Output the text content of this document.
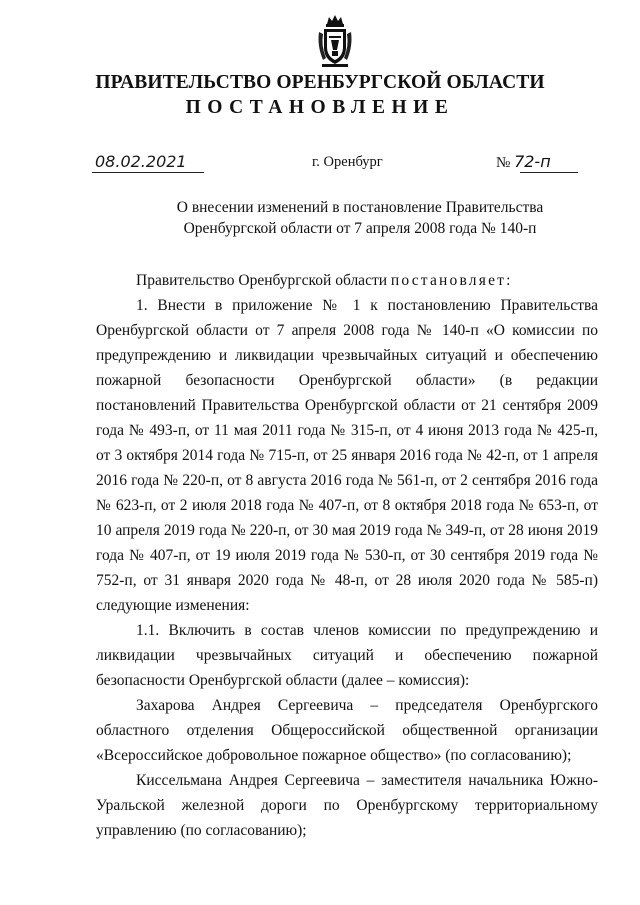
ПРАВИТЕЛЬСТВО ОРЕНБУРГСКОЙ ОБЛАСТИ
ПОСТАНОВЛЕНИЕ
08.02.2021	г. Оренбург	№ 72-п
О внесении изменений в постановление Правительства
Оренбургской области от 7 апреля 2008 года № 140-п

Правительство Оренбургской области постановляет:

1. Внести в приложение № 1 к постановлению Правительства Оренбургской области от 7 апреля 2008 года № 140-п «О комиссии по предупреждению и ликвидации чрезвычайных ситуаций и обеспечению пожарной безопасности Оренбургской области» (в редакции постановлений Правительства Оренбургской области от 21 сентября 2009 года № 493-п, от 11 мая 2011 года № 315-п, от 4 июня 2013 года № 425-п, от 3 октября 2014 года № 715-п, от 25 января 2016 года № 42-п, от 1 апреля 2016 года № 220-п, от 8 августа 2016 года № 561-п, от 2 сентября 2016 года № 623-п, от 2 июля 2018 года № 407-п, от 8 октября 2018 года № 653-п, от 10 апреля 2019 года № 220-п, от 30 мая 2019 года № 349-п, от 28 июня 2019 года № 407-п, от 19 июля 2019 года № 530-п, от 30 сентября 2019 года № 752-п, от 31 января 2020 года № 48-п, от 28 июля 2020 года № 585-п) следующие изменения:

1.1. Включить в состав членов комиссии по предупреждению и ликвидации чрезвычайных ситуаций и обеспечению пожарной безопасности Оренбургской области (далее – комиссия):

Захарова Андрея Сергеевича – председателя Оренбургского областного отделения Общероссийской общественной организации «Всероссийское добровольное пожарное общество» (по согласованию);

Киссельмана Андрея Сергеевича – заместителя начальника Южно-Уральской железной дороги по Оренбургскому территориальному управлению (по согласованию);
